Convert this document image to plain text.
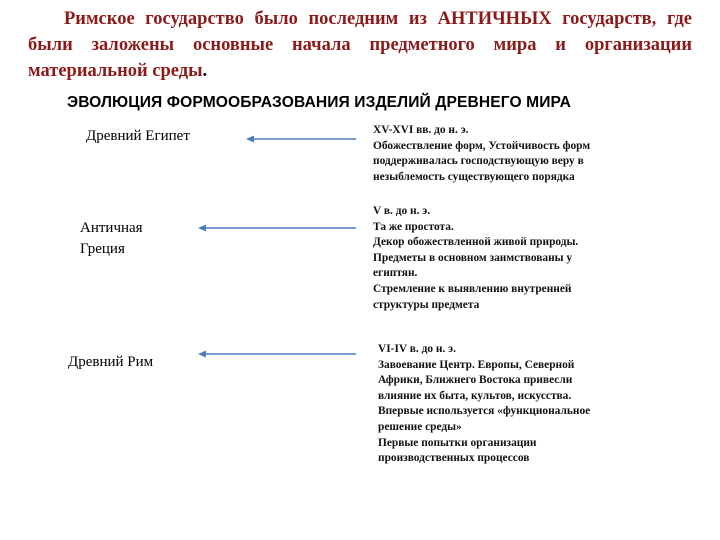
Римское государство было последним из АНТИЧНЫХ государств, где были заложены основные начала предметного мира и организации материальной среды.

ЭВОЛЮЦИЯ ФОРМООБРАЗОВАНИЯ ИЗДЕЛИЙ ДРЕВНЕГО МИРА

Древний Египет	XV-XVI вв. до н. э.
Обожествление форм, Устойчивость форм
поддерживалась господствующую веру в
незыблемость существующего порядка
Античная
Греция
V в. до н. э.
Та же простота.
Декор обожествленной живой природы.
Предметы в основном заимствованы у
египтян.
Стремление к выявлению внутренней
структуры предмета

Древний Рим

VI-IV в. до н. э.
Завоевание Центр. Европы, Северной
Африки, Ближнего Востока привесли
влияние их быта, культов, искусства.
Впервые используется «функциональное
решение среды»
Первые попытки организации
производственных процессов
